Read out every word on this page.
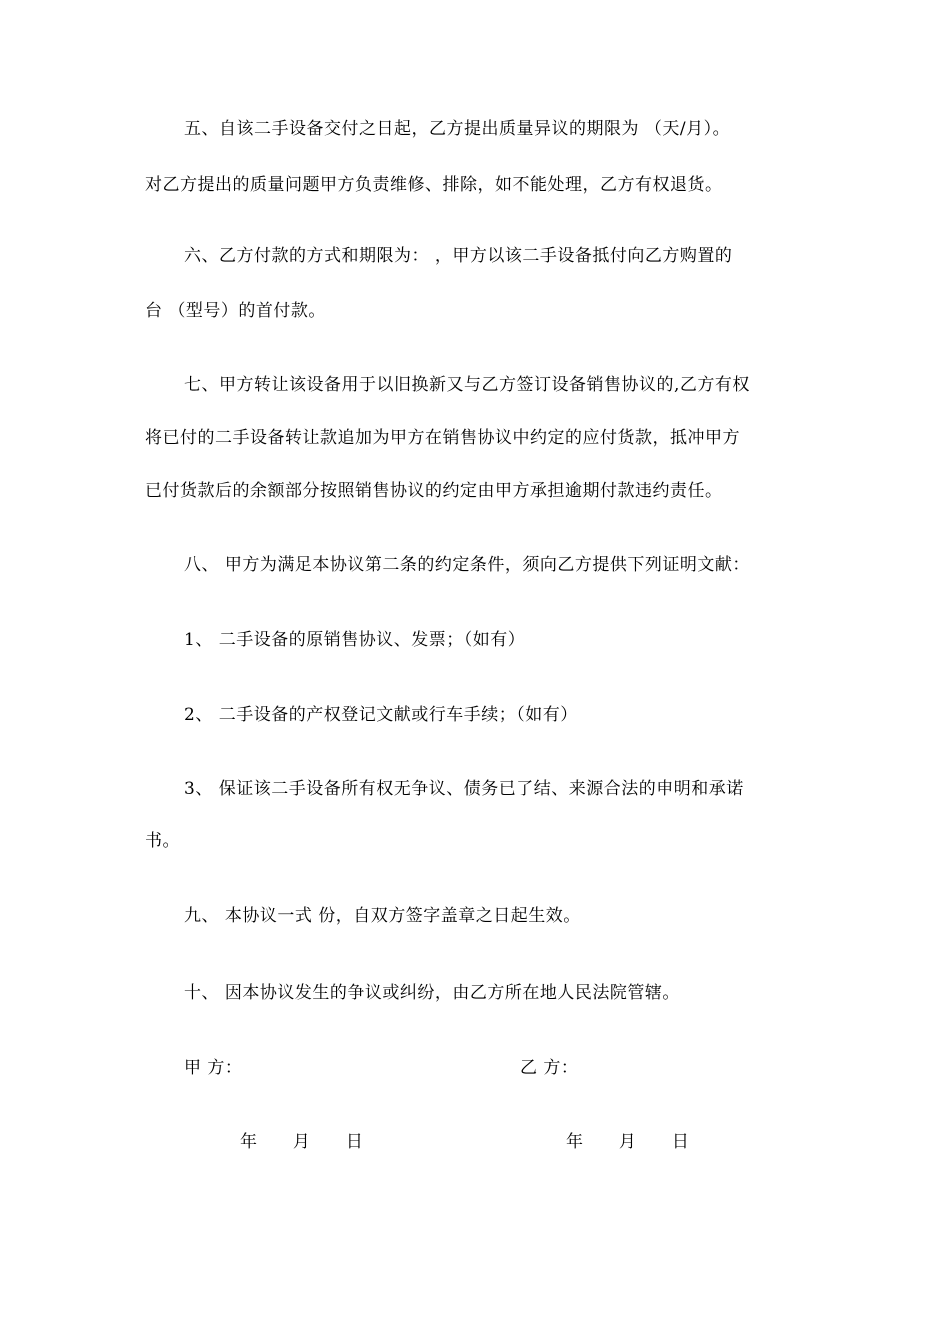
五、自该二手设备交付之日起，乙方提出质量异议的期限为 （天/月）。
对乙方提出的质量问题甲方负责维修、排除，如不能处理，乙方有权退货。
六、乙方付款的方式和期限为： ，甲方以该二手设备抵付向乙方购置的
台 （型号）的首付款。
七、甲方转让该设备用于以旧换新又与乙方签订设备销售协议的,乙方有权
将已付的二手设备转让款追加为甲方在销售协议中约定的应付货款，抵冲甲方
已付货款后的余额部分按照销售协议的约定由甲方承担逾期付款违约责任。
八、 甲方为满足本协议第二条的约定条件，须向乙方提供下列证明文献：
1、 二手设备的原销售协议、发票；（如有）
2、 二手设备的产权登记文献或行车手续；（如有）
3、 保证该二手设备所有权无争议、债务已了结、来源合法的申明和承诺
书。
九、 本协议一式 份，自双方签字盖章之日起生效。
十、 因本协议发生的争议或纠纷，由乙方所在地人民法院管辖。
甲 方：	乙 方：
年      月      日	年      月      日
